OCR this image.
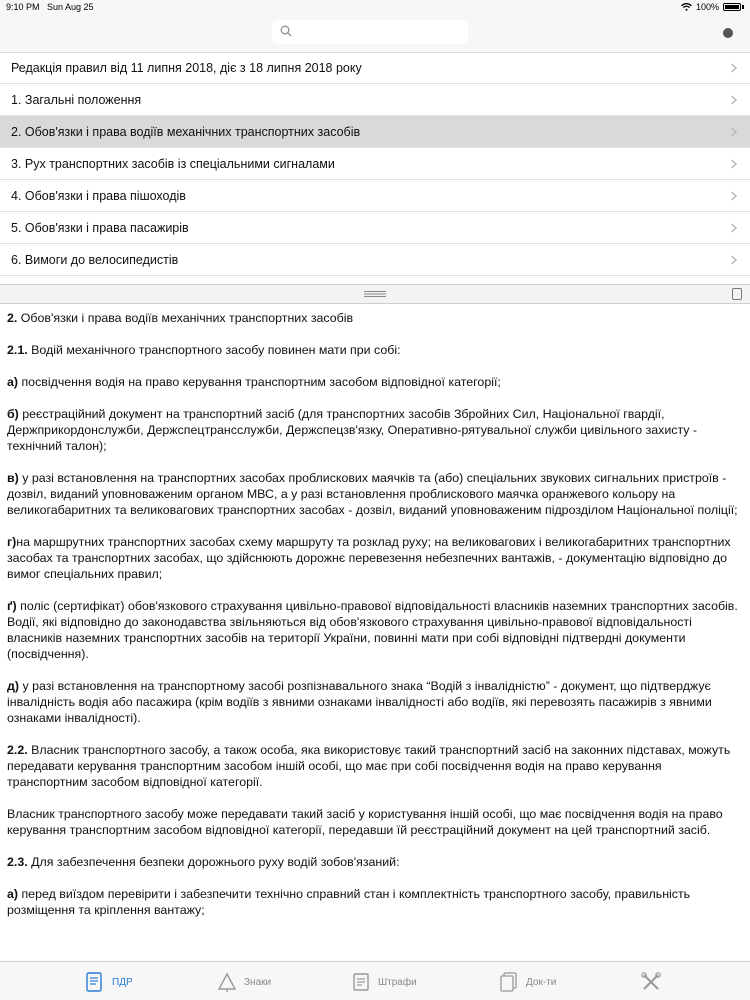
9:10 PM Sun Aug 25	100%
Редакція правил від 11 липня 2018, діє з 18 липня 2018 року
1. Загальні положення
2. Обов'язки і права водіїв механічних транспортних засобів
3. Рух транспортних засобів із спеціальними сигналами
4. Обов'язки і права пішоходів
5. Обов'язки і права пасажирів
6. Вимоги до велосипедистів

2. Обов'язки і права водіїв механічних транспортних засобів

2.1. Водій механічного транспортного засобу повинен мати при собі:

а) посвідчення водія на право керування транспортним засобом відповідної категорії;

б) реєстраційний документ на транспортний засіб (для транспортних засобів Збройних Сил, Національної гвардії, Держприкордонслужби, Держспецтрансслужби, Держспецзв'язку, Оперативно-рятувальної служби цивільного захисту - технічний талон);

в) у разі встановлення на транспортних засобах проблискових маячків та (або) спеціальних звукових сигнальних пристроїв - дозвіл, виданий уповноваженим органом МВС, а у разі встановлення проблискового маячка оранжевого кольору на великогабаритних та великовагових транспортних засобах - дозвіл, виданий уповноваженим підрозділом Національної поліції;

г)на маршрутних транспортних засобах схему маршруту та розклад руху; на великовагових і великогабаритних транспортних засобах та транспортних засобах, що здійснюють дорожнє перевезення небезпечних вантажів, - документацію відповідно до вимог спеціальних правил;

ґ) поліс (сертифікат) обов'язкового страхування цивільно-правової відповідальності власників наземних транспортних засобів. Водії, які відповідно до законодавства звільняються від обов'язкового страхування цивільно-правової відповідальності власників наземних транспортних засобів на території України, повинні мати при собі відповідні підтвердні документи (посвідчення).

д) у разі встановлення на транспортному засобі розпізнавального знака “Водій з інвалідністю” - документ, що підтверджує інвалідність водія або пасажира (крім водіїв з явними ознаками інвалідності або водіїв, які перевозять пасажирів з явними ознаками інвалідності).

2.2. Власник транспортного засобу, а також особа, яка використовує такий транспортний засіб на законних підставах, можуть передавати керування транспортним засобом іншій особі, що має при собі посвідчення водія на право керування транспортним засобом відповідної категорії.

Власник транспортного засобу може передавати такий засіб у користування іншій особі, що має посвідчення водія на право керування транспортним засобом відповідної категорії, передавши їй реєстраційний документ на цей транспортний засіб.

2.3. Для забезпечення безпеки дорожнього руху водій зобов'язаний:

а) перед виїздом перевірити і забезпечити технічно справний стан і комплектність транспортного засобу, правильність розміщення та кріплення вантажу;

ПДР	Знаки	Штрафи	Док-ти
